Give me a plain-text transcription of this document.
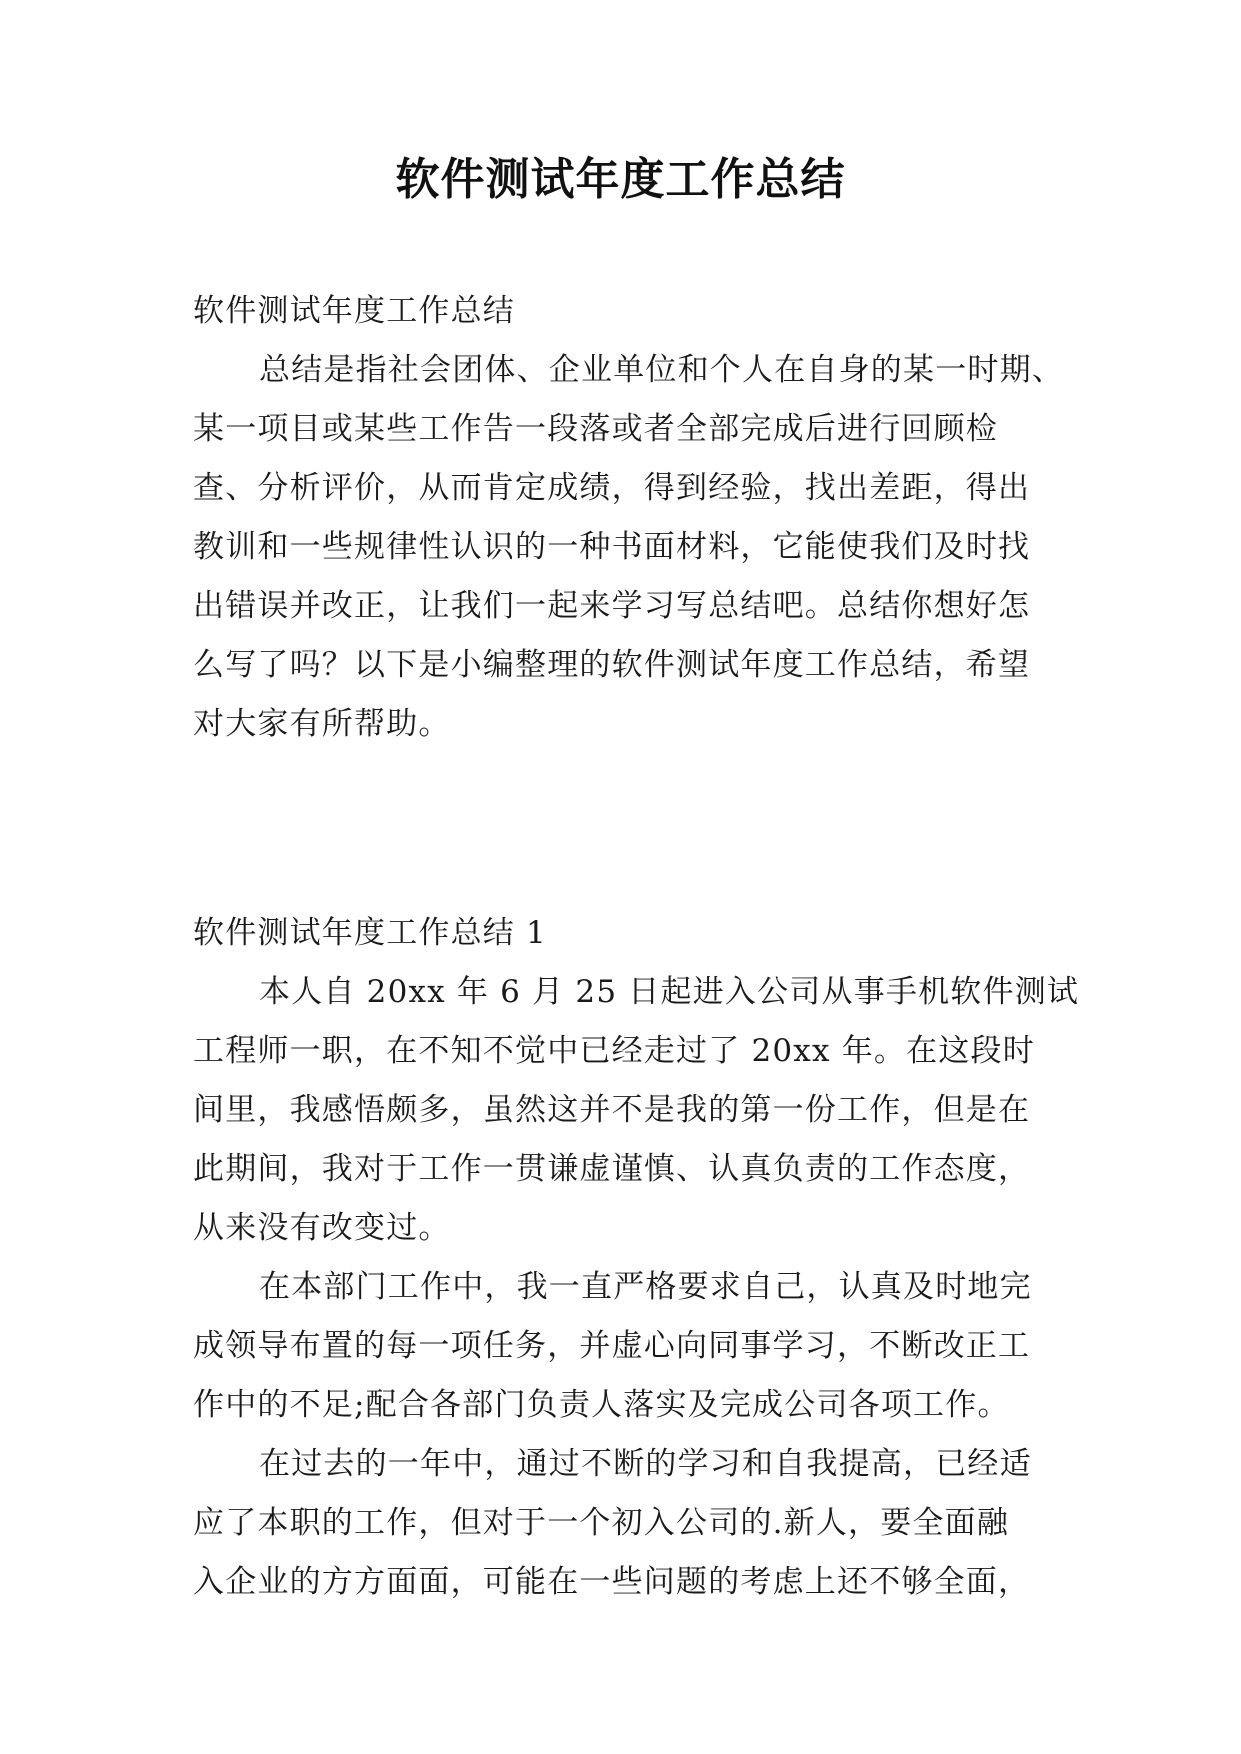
软件测试年度工作总结
软件测试年度工作总结
总结是指社会团体、企业单位和个人在自身的某一时期、
某一项目或某些工作告一段落或者全部完成后进行回顾检
查、分析评价，从而肯定成绩，得到经验，找出差距，得出
教训和一些规律性认识的一种书面材料，它能使我们及时找
出错误并改正，让我们一起来学习写总结吧。总结你想好怎
么写了吗？以下是小编整理的软件测试年度工作总结，希望
对大家有所帮助。
软件测试年度工作总结 1
本人自 20xx 年 6 月 25 日起进入公司从事手机软件测试
工程师一职，在不知不觉中已经走过了 20xx 年。在这段时
间里，我感悟颇多，虽然这并不是我的第一份工作，但是在
此期间，我对于工作一贯谦虚谨慎、认真负责的工作态度，
从来没有改变过。
在本部门工作中，我一直严格要求自己，认真及时地完
成领导布置的每一项任务，并虚心向同事学习，不断改正工
作中的不足;配合各部门负责人落实及完成公司各项工作。
在过去的一年中，通过不断的学习和自我提高，已经适
应了本职的工作，但对于一个初入公司的.新人，要全面融
入企业的方方面面，可能在一些问题的考虑上还不够全面，
